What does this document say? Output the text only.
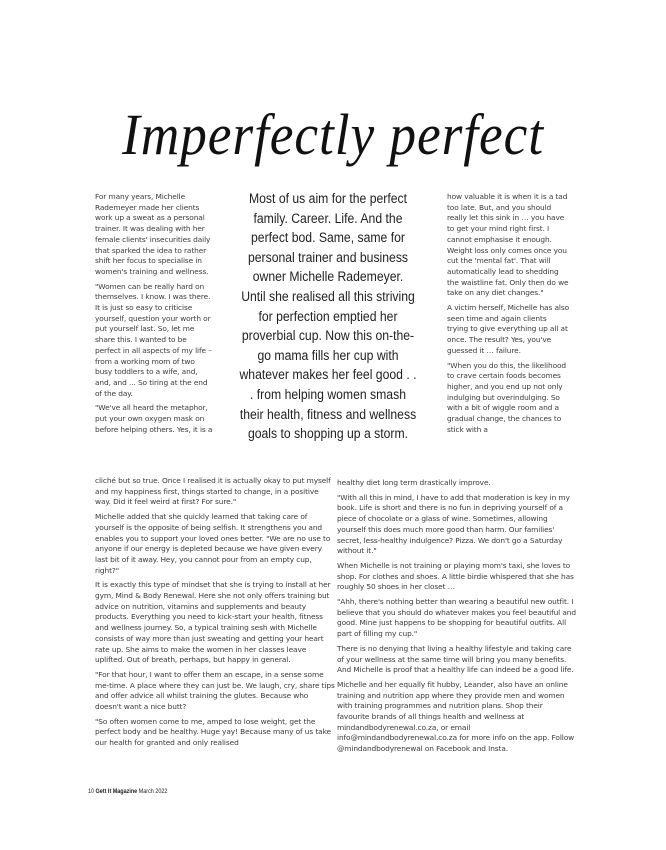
Imperfectly perfect

For many years, Michelle Rademeyer made her clients work up a sweat as a personal trainer. It was dealing with her female clients' insecurities daily that sparked the idea to rather shift her focus to specialise in women's training and wellness.

"Women can be really hard on themselves. I know. I was there. It is just so easy to criticise yourself, question your worth or put yourself last. So, let me share this. I wanted to be perfect in all aspects of my life – from a working mom of two busy toddlers to a wife, and, and, and ... So tiring at the end of the day.

"We've all heard the metaphor, put your own oxygen mask on before helping others. Yes, it is a

Most of us aim for the perfect family. Career. Life. And the perfect bod. Same, same for personal trainer and business owner Michelle Rademeyer.

Until she realised all this striving for perfection emptied her proverbial cup. Now this on-the-go mama fills her cup with whatever makes her feel good . . . from helping women smash their health, fitness and wellness goals to shopping up a storm.

how valuable it is when it is a tad too late. But, and you should really let this sink in … you have to get your mind right first. I cannot emphasise it enough. Weight loss only comes once you cut the 'mental fat'. That will automatically lead to shedding the waistline fat. Only then do we take on any diet changes."

A victim herself, Michelle has also seen time and again clients trying to give everything up all at once. The result? Yes, you've guessed it … failure.

"When you do this, the likelihood to crave certain foods becomes higher, and you end up not only indulging but overindulging. So with a bit of wiggle room and a gradual change, the chances to stick with a

cliché but so true. Once I realised it is actually okay to put myself and my happiness first, things started to change, in a positive way. Did it feel weird at first? For sure."

Michelle added that she quickly learned that taking care of yourself is the opposite of being selfish. It strengthens you and enables you to support your loved ones better. "We are no use to anyone if our energy is depleted because we have given every last bit of it away. Hey, you cannot pour from an empty cup, right?"

It is exactly this type of mindset that she is trying to install at her gym, Mind & Body Renewal. Here she not only offers training but advice on nutrition, vitamins and supplements and beauty products. Everything you need to kick-start your health, fitness and wellness journey. So, a typical training sesh with Michelle consists of way more than just sweating and getting your heart rate up. She aims to make the women in her classes leave uplifted. Out of breath, perhaps, but happy in general.

"For that hour, I want to offer them an escape, in a sense some me-time. A place where they can just be. We laugh, cry, share tips and offer advice all whilst training the glutes. Because who doesn't want a nice butt?

"So often women come to me, amped to lose weight, get the perfect body and be healthy. Huge yay! Because many of us take our health for granted and only realised

healthy diet long term drastically improve.

"With all this in mind, I have to add that moderation is key in my book. Life is short and there is no fun in depriving yourself of a piece of chocolate or a glass of wine. Sometimes, allowing yourself this does much more good than harm. Our families' secret, less-healthy indulgence? Pizza. We don't go a Saturday without it."

When Michelle is not training or playing mom's taxi, she loves to shop. For clothes and shoes. A little birdie whispered that she has roughly 50 shoes in her closet …

"Ahh, there's nothing better than wearing a beautiful new outfit. I believe that you should do whatever makes you feel beautiful and good. Mine just happens to be shopping for beautiful outfits. All part of filling my cup."

There is no denying that living a healthy lifestyle and taking care of your wellness at the same time will bring you many benefits. And Michelle is proof that a healthy life can indeed be a good life.

Michelle and her equally fit hubby, Leander, also have an online training and nutrition app where they provide men and women with training programmes and nutrition plans. Shop their favourite brands of all things health and wellness at mindandbodyrenewal.co.za, or email info@mindandbodyrenewal.co.za for more info on the app. Follow @mindandbodyrenewal on Facebook and Insta.

10 Gett It Magazine March 2022
